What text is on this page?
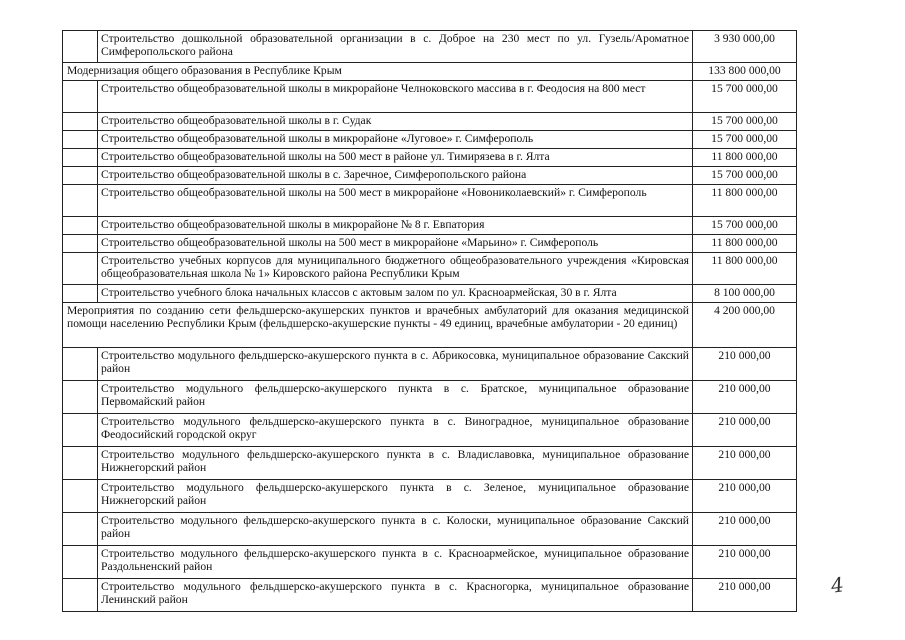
	Строительство дошкольной образовательной организации в с. Доброе на 230 мест по ул. Гузель/Ароматное Симферопольского района	3 930 000,00
Модернизация общего образования в Республике Крым		133 800 000,00
	Строительство общеобразовательной школы в микрорайоне Челноковского массива в г. Феодосия на 800 мест	15 700 000,00
	Строительство общеобразовательной школы в г. Судак	15 700 000,00
	Строительство общеобразовательной школы в микрорайоне «Луговое» г. Симферополь	15 700 000,00
	Строительство общеобразовательной школы на 500 мест в районе ул. Тимирязева в г. Ялта	11 800 000,00
	Строительство общеобразовательной школы в с. Заречное, Симферопольского района	15 700 000,00
	Строительство общеобразовательной школы на 500 мест в микрорайоне «Новониколаевский» г. Симферополь	11 800 000,00
	Строительство общеобразовательной школы в микрорайоне № 8 г. Евпатория	15 700 000,00
	Строительство общеобразовательной школы на 500 мест в микрорайоне «Марьино» г. Симферополь	11 800 000,00
	Строительство учебных корпусов для муниципального бюджетного общеобразовательного учреждения «Кировская общеобразовательная школа № 1» Кировского района Республики Крым	11 800 000,00
	Строительство учебного блока начальных классов с актовым залом по ул. Красноармейская, 30 в г. Ялта	8 100 000,00
Мероприятия по созданию сети фельдшерско-акушерских пунктов и врачебных амбулаторий для оказания медицинской помощи населению Республики Крым (фельдшерско-акушерские пункты - 49 единиц, врачебные амбулатории - 20 единиц)		4 200 000,00
	Строительство модульного фельдшерско-акушерского пункта в с. Абрикосовка, муниципальное образование Сакский район	210 000,00
	Строительство модульного фельдшерско-акушерского пункта в с. Братское, муниципальное образование Первомайский район	210 000,00
	Строительство модульного фельдшерско-акушерского пункта в с. Виноградное, муниципальное образование Феодосийский городской округ	210 000,00
	Строительство модульного фельдшерско-акушерского пункта в с. Владиславовка, муниципальное образование Нижнегорский район	210 000,00
	Строительство модульного фельдшерско-акушерского пункта в с. Зеленое, муниципальное образование Нижнегорский район	210 000,00
	Строительство модульного фельдшерско-акушерского пункта в с. Колоски, муниципальное образование Сакский район	210 000,00
	Строительство модульного фельдшерско-акушерского пункта в с. Красноармейское, муниципальное образование Раздольненский район	210 000,00
	Строительство модульного фельдшерско-акушерского пункта в с. Красногорка, муниципальное образование Ленинский район	210 000,00	4
